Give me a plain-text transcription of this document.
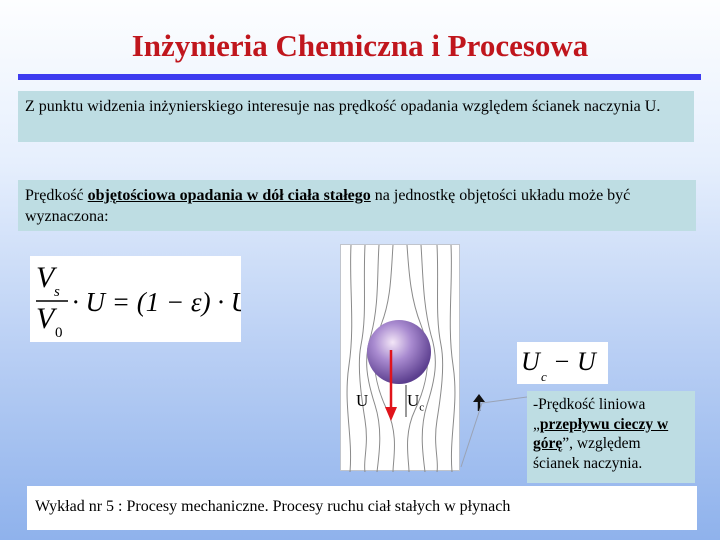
Inżynieria Chemiczna i Procesowa
Z punktu widzenia inżynierskiego interesuje nas prędkość opadania względem ścianek naczynia U.
Prędkość objętościowa opadania w dół ciała stałego na jednostkę objętości układu może być wyznaczona:
V s
V 0
· U = (1 − ε) · U
U
c
− U
U $U_c$	-Prędkość liniowa „przepływu cieczy w górę”, względem ścianek naczynia.
Wykład nr 5 : Procesy mechaniczne. Procesy ruchu ciał stałych w płynach
